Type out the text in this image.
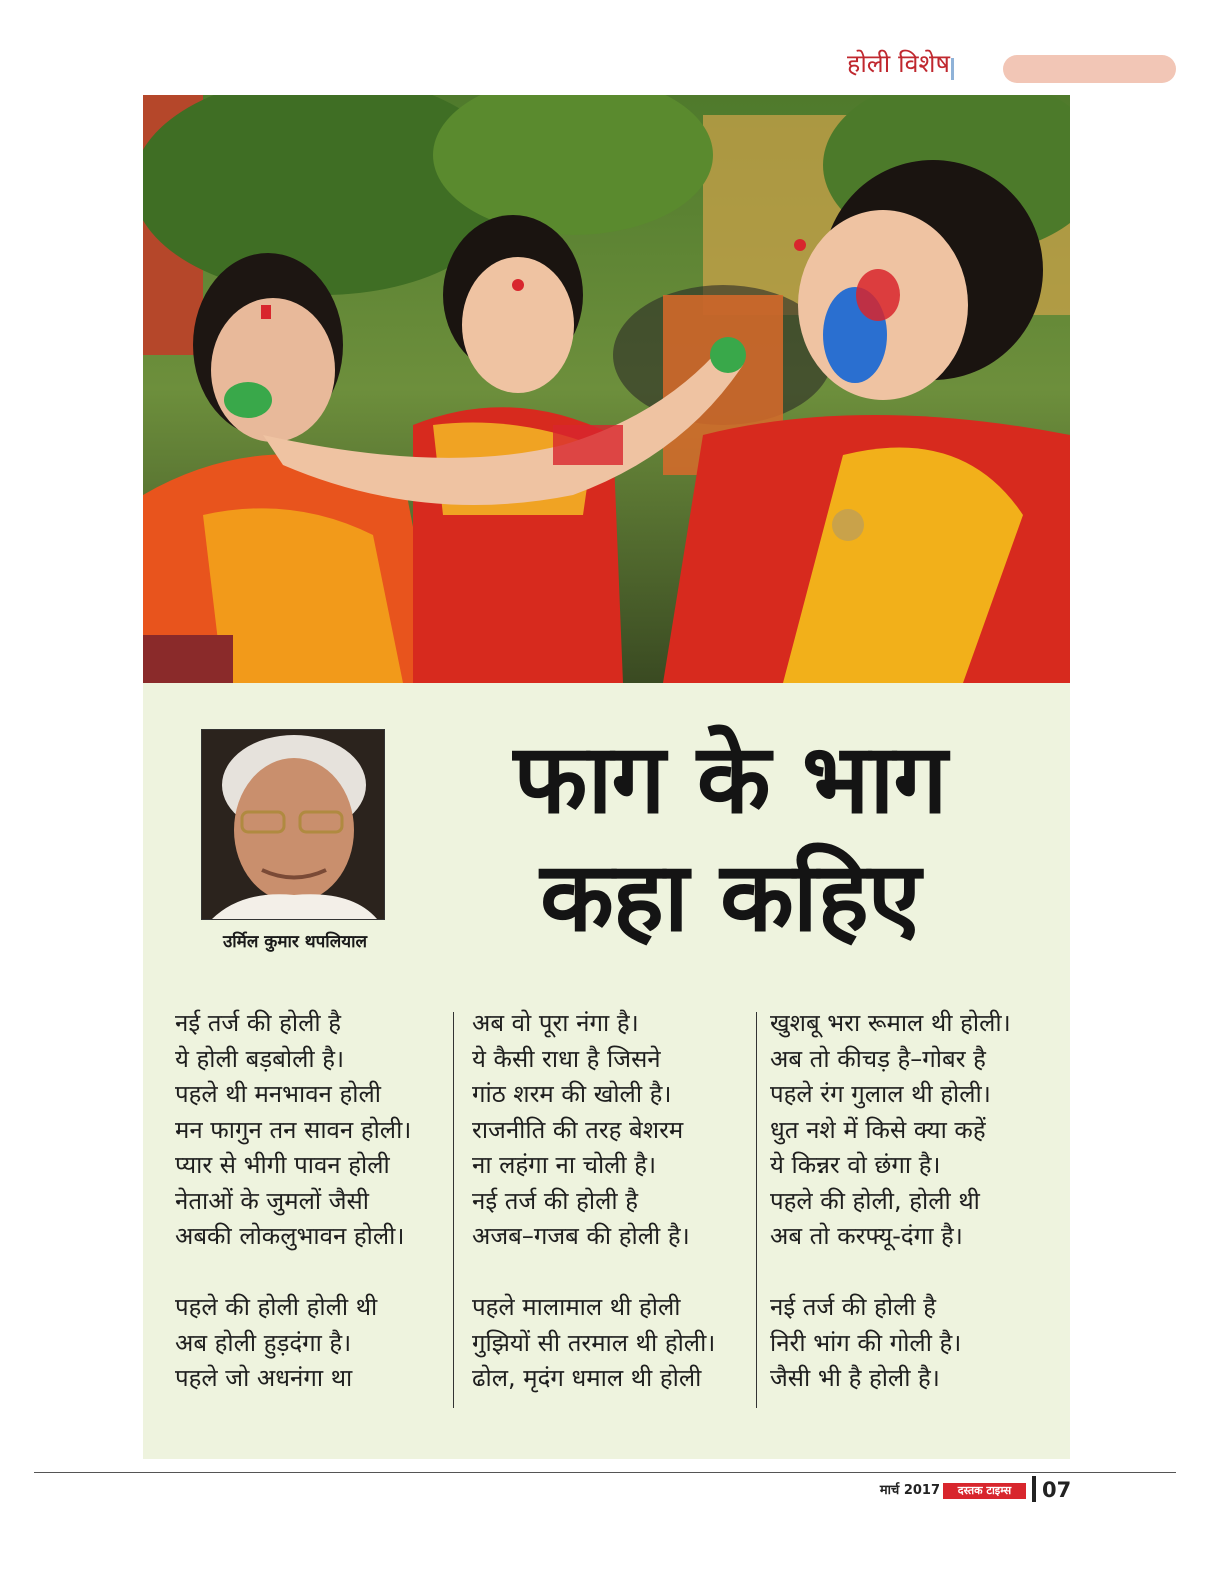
होली विशेष
उर्मिल कुमार थपलियाल
फाग के भाग
कहा कहिए
नई तर्ज की होली है
ये होली बड़बोली है।
पहले थी मनभावन होली
मन फागुन तन सावन होली।
प्यार से भीगी पावन होली
नेताओं के जुमलों जैसी
अबकी लोकलुभावन होली।
पहले की होली होली थी
अब होली हुड़दंगा है।
पहले जो अधनंगा था
अब वो पूरा नंगा है।
ये कैसी राधा है जिसने
गांठ शरम की खोली है।
राजनीति की तरह बेशरम
ना लहंगा ना चोली है।
नई तर्ज की होली है
अजब–गजब की होली है।
पहले मालामाल थी होली
गुझियों सी तरमाल थी होली।
ढोल, मृदंग धमाल थी होली
खुशबू भरा रूमाल थी होली।
अब तो कीचड़ है–गोबर है
पहले रंग गुलाल थी होली।
धुत नशे में किसे क्या कहें
ये किन्नर वो छंगा है।
पहले की होली, होली थी
अब तो करफ्यू-दंगा है।
नई तर्ज की होली है
निरी भांग की गोली है।
जैसी भी है होली है।
मार्च 2017	दस्तक टाइम्स	07
